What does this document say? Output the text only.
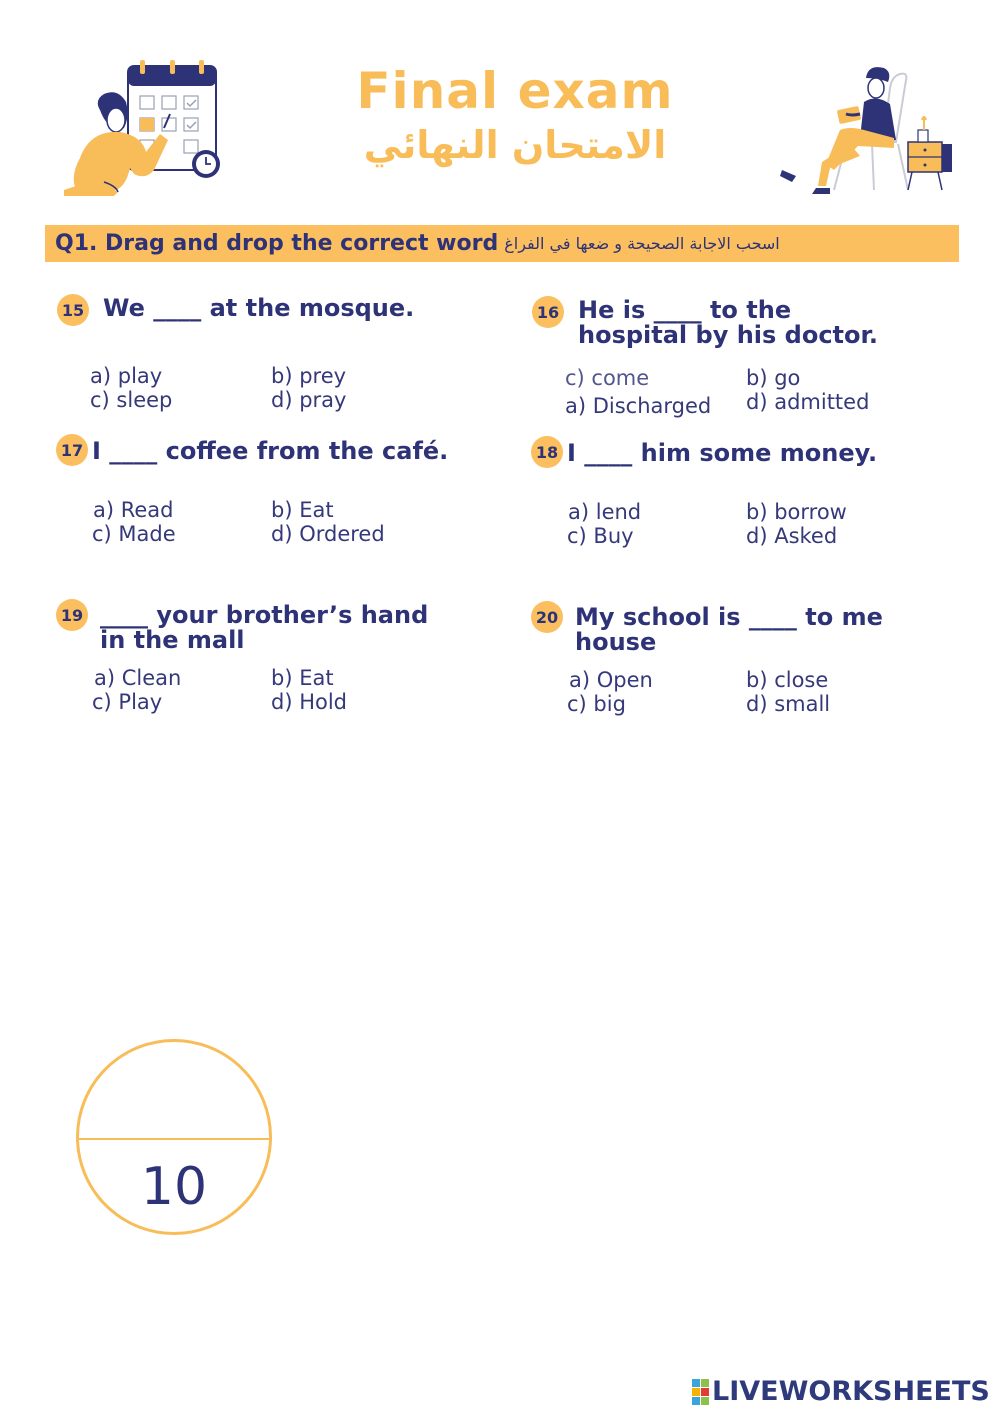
Final exam
الامتحان النهائي
Q1. Drag and drop the correct word اسحب الاجابة الصحيحة و ضعها في الفراغ
15 We ____ at the mosque.
a) play	b) prey
c) sleep	d) pray
16 He is ____ to the hospital by his doctor.
a) Discharged
b) go
c) come
d) admitted
17 I ____ coffee from the café.
a) Read	b) Eat
c) Made	d) Ordered
18 I ____ him some money.
a) lend	b) borrow
c) Buy	d) Asked
19 ____ your brother’s hand in the mall
a) Clean	b) Eat
c) Play	d) Hold
20 My school is ____ to me house
a) Open	b) close
c) big	d) small
10
LIVEWORKSHEETS
